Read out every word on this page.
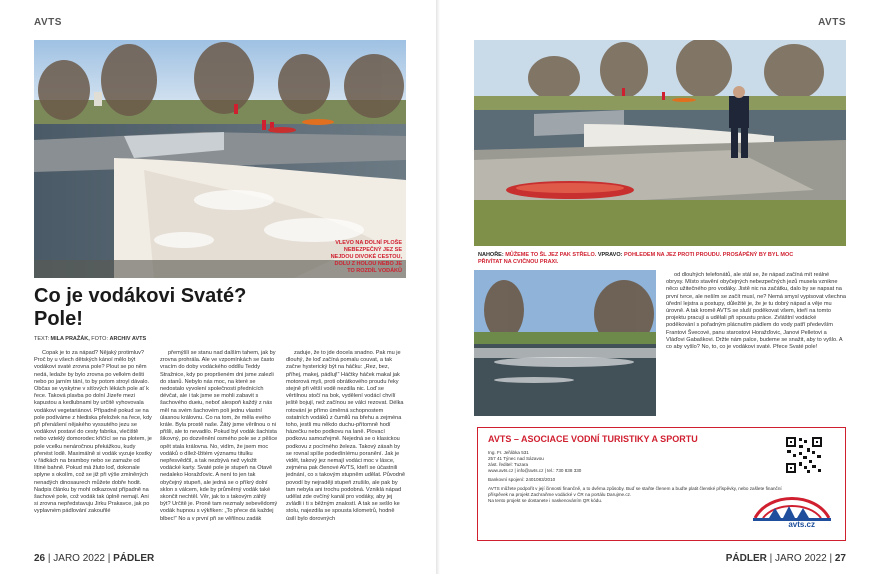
AVTS
VLEVO NA DOLNÍ PLOŠE NEBEZPEČNÝ JEZ SE NEJDOU DIVOKÉ CESTOU, DOLU Z HOLOU NEBO JE TO ROZDÍL VODÁKŮ
Co je vodákovi Svaté?
Pole!
TEXT: MILA PRAŽÁK, FOTO: ARCHIV AVTS

Copak je to za nápad? Nějaký protimluv? Proč by u všech dětských kánoí mělo být vodákovi svaté zrovna pole? Plout se po něm nedá, ledaže by bylo zrovna po velkém dešti nebo po jarním tání, to by potom stroyl dávalo. Občas se vyskytne v síťových lékách pole ať k řece. Taková plavba po dolní Jizeře mezi kapustou a kedlubnami by určitě vyhovovala vodákovi vegetariánovi. Případně pokud se na pole podíváme z hlediska přeložek na řece, kdy při přenášení nějakého vyssutého jezu se vodákovi postaví do cesty fabrika, vlečiště nebo vzteklý domorodec křičící se na plotem, je pole vcelku nenáročnou překážkou, kudy přenést lodě. Maximálně si vodák vyzuje kostky v řádkách na bramboy nebo se zamaže od lítiné bahně. Pokud má žluto loď, dokonale splyne s okolím, což se již při výše zmíněných nenadých dinosaurech můžete dobře hodit. Nadpis článku by mohl odkazovat případně na šachové pole, což vodák tak úplně nemají. Ani si zrovna nepředstavuju Jirku Prakavce, jak po vyplavném pádlování zakouřilé

přemýšlí se stanu nad dalším tahem, jak by zrovna prohrála. Ale ve vzpomínkách se často vracím do doby vodáckého oddílu Teddy Stražnice, kdy po propršeném dni jsme zalezli do stanů. Nebylo nás moc, na které se nedostalo vyvolení společnosti přednících dévčat, ale i tak jsme se mohli zabavit s šachového dueiu, neboť alespoň každý z nás měl na svém šachovém poli jednu vlastní úlasnou královnu. Co na tom, že měla evého krále. Byla prostě naše. Žátý jsme věrilnou o ni přišli, ale to nevadilo. Pokud byl vodák šachista šikovný, po dozvěnění osmého pole se z pěšce opět stala královna. No, vidím, že jsem moc vodáků o dílež-lžitém významu titulku nepřesvědčil, a tak nezbývá než vyložit vodácké karty. Svaté pole je stupeň na Otavě nedaleko Horažďovic. A není to jen tak obyčejný stupeň, ale jedná se o příkrý dolní sklon s válcem, kde by průměrný vodák také skončit nechtěl. Věr, jak to s takovým záhlý být? Určitě je. Proně tam nezmaly sebevědomý vodák hupnou s výkřiken: „To přece dá každej blbec!“ No a v první při se věřilnou zadák

zaduje, že to jde docela snadno. Pak mu je dlouhý, že loď začíná pomalu couvat, a tak začne hysterický být na háčku: „Rez, bez, příhej, makej, pádluj!“ Háčtky háček makal jak motorová myš, proti obrátkového proudu řeky stejně při větší vodě nezdila nic. Loď se věrtilnou stočí na bok, vydělení vodácí chvílí ještě bojují, než začínou se válci rezovat. Délka rotování je přímo úměrná schopnostem ostatních vodáků z čumilů na břehu a zejména toho, jestli mu někdo duchu-přítomně hodí házečku nebo podkovu na laně. Plovací podkovu samozřejmě. Nejedná se o klasickou podkovu z pocírného železa. Takový zásah by se rovnal spíše podedíníému poranění. Jak je vidět, takový jez nemají vodáci moc v lásce, zejména pak členové AVTS, kteří se účastnili jednání, co s takovým stupněm udělat. Původně povodí by nejraději stupeň zrušilo, ale pak by tam nebyla ani trochu podobná. Vzniklá nápad udělat zde ovčíný kanál pro vodáky, aby jej zvládli i ti s běžným znalostí. A tak se sešlo ke stolu, najezdila se spousta kilometrů, hodně úsilí bylo dorovných

26 | JARO 2022 | PÁDLER
AVTS
NAHOŘE: MŮŽEME TO ŠL JEZ PAK STŘELO. VPRAVO: POHLEDEM NA JEZ PROTI PROUDU. PROSÁPĚNÝ BY BYL MOC PŘIVÍTAT NA CVIČNOU PRAXI.

od dlouhých telefonátů, ale stál se, že nápad začíná mít reálné obrysy. Místo stavění obyčejných nebezpečných jezů musela vznikne něco užitečného pro vodáky. Jistě nic na začátku, dalo by se napsat na první tvrce, ale neším se začít musí, ne? Nemá smysl vypisovat všechna úřední lejstra a postupy, důležité je, že je tu dobrý nápad a věje mu úrovně. A tak kromě AVTS se sluší poděkovat všem, kteří na tomto projektu pracují a udělali při spoustu práce. Zvláštní vodácké poděkování s pořadným plácnutím pádlem do vody patří především Frantovi Švecové, panu starostovi Horažďovic, Janovi Pelletovi a Vláďovi Gabaškovi. Držte nám palce, budeme se snažit, aby to vyšlo. A co aby vyšlo? No, to, co je vodákovi svaté. Přece Svaté pole!

AVTS – ASOCIACE VODNÍ TURISTIKY A SPORTU
Ing. Fr. Jeřábka 531
257 41 Týnec nad Sázavou
zást. ředitel: Tuzara
www.avts.cz | info@avts.cz | tel.: 730 838 330
Bankovní spojení: 2401083/2010
AVTS můžete podpořit v její činnosti finančně, a to dvěma způsoby. Buď se staňte členem a buďte platit členské příspěvky, nebo zašlete finanční příspěvek na projekt Zachraňme vodácké v ČR na portálu Darujme.cz.
Na tento projekt se dostanete i naskenováním QR kódu.
avts.cz
PÁDLER | JARO 2022 | 27
